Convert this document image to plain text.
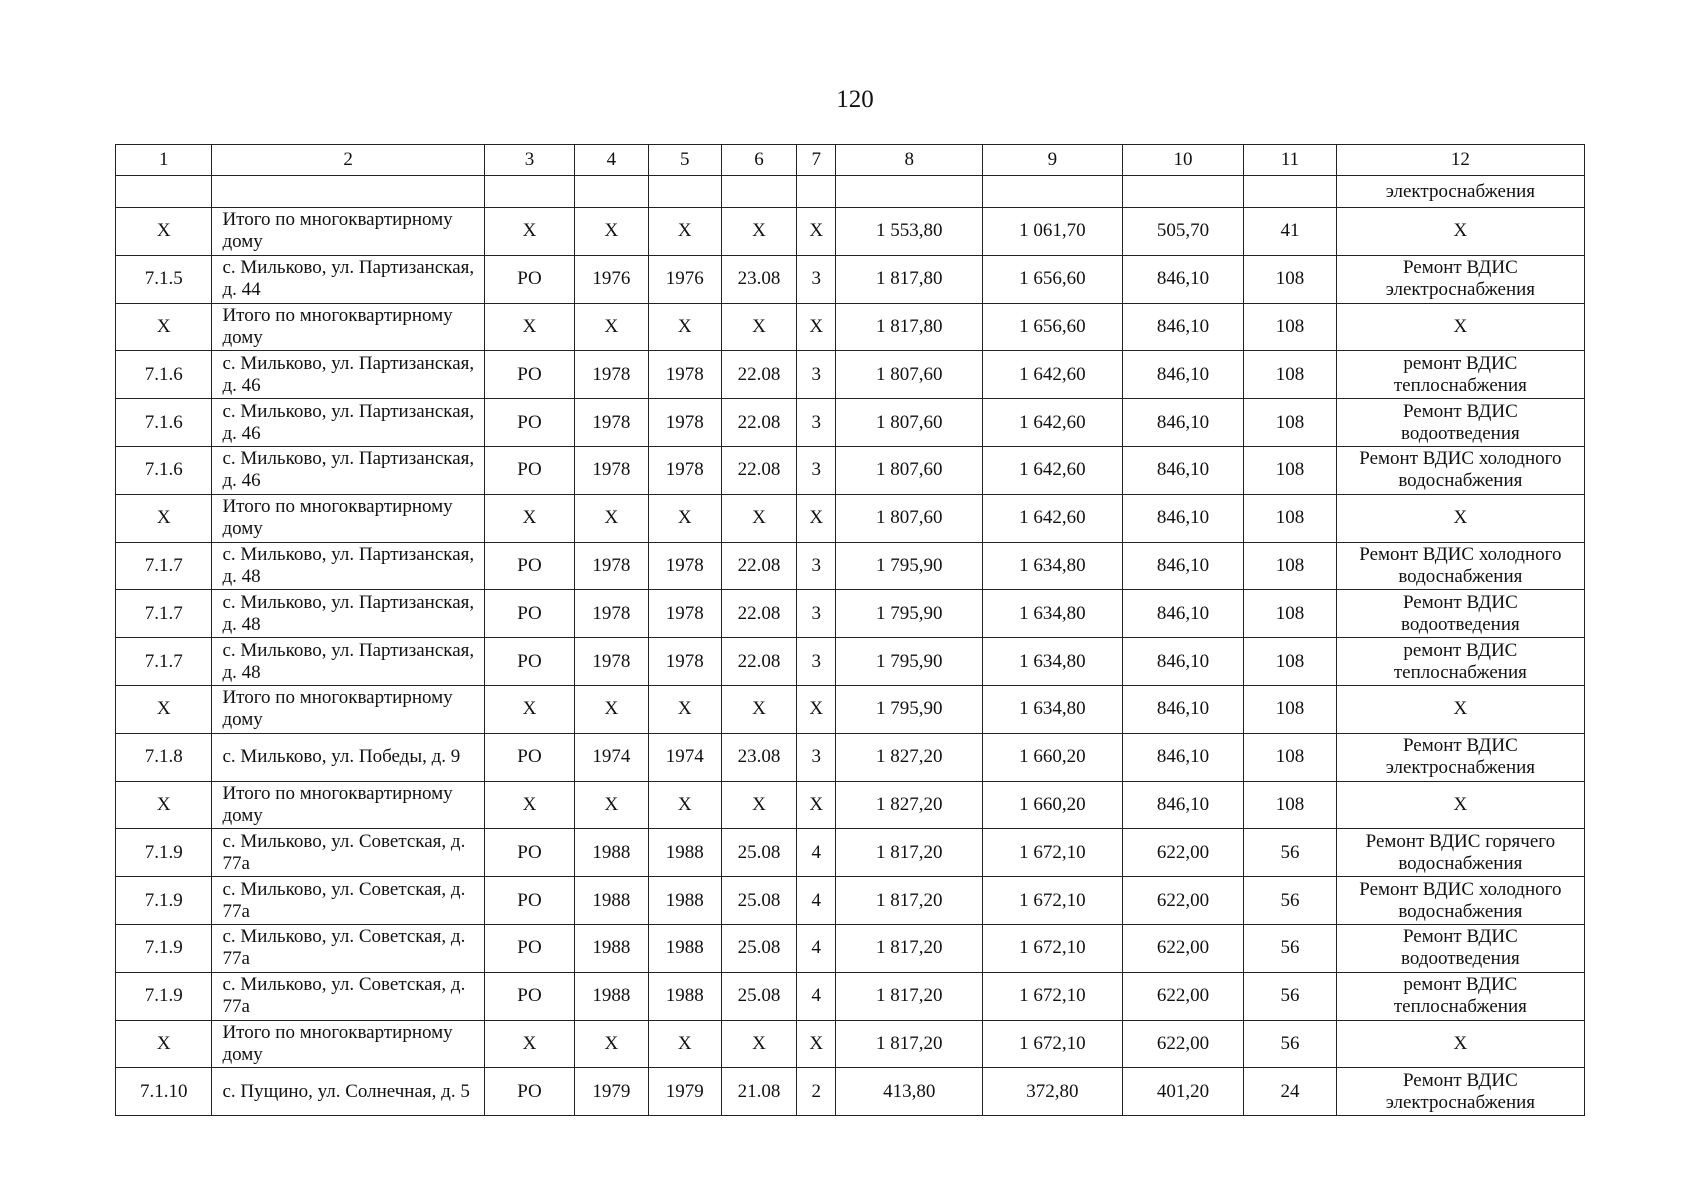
120
1	2	3	4	5	6	7	8	9	10	11	12
											электроснабжения
Х	Итого по многоквартирному дому	Х	Х	Х	Х	Х	1 553,80	1 061,70	505,70	41	Х
7.1.5	с. Мильково, ул. Партизанская, д. 44	РО	1976	1976	23.08	3	1 817,80	1 656,60	846,10	108	Ремонт ВДИС электроснабжения
Х	Итого по многоквартирному дому	Х	Х	Х	Х	Х	1 817,80	1 656,60	846,10	108	Х
7.1.6	с. Мильково, ул. Партизанская, д. 46	РО	1978	1978	22.08	3	1 807,60	1 642,60	846,10	108	ремонт ВДИС теплоснабжения
7.1.6	с. Мильково, ул. Партизанская, д. 46	РО	1978	1978	22.08	3	1 807,60	1 642,60	846,10	108	Ремонт ВДИС водоотведения
7.1.6	с. Мильково, ул. Партизанская, д. 46	РО	1978	1978	22.08	3	1 807,60	1 642,60	846,10	108	Ремонт ВДИС холодного водоснабжения
Х	Итого по многоквартирному дому	Х	Х	Х	Х	Х	1 807,60	1 642,60	846,10	108	Х
7.1.7	с. Мильково, ул. Партизанская, д. 48	РО	1978	1978	22.08	3	1 795,90	1 634,80	846,10	108	Ремонт ВДИС холодного водоснабжения
7.1.7	с. Мильково, ул. Партизанская, д. 48	РО	1978	1978	22.08	3	1 795,90	1 634,80	846,10	108	Ремонт ВДИС водоотведения
7.1.7	с. Мильково, ул. Партизанская, д. 48	РО	1978	1978	22.08	3	1 795,90	1 634,80	846,10	108	ремонт ВДИС теплоснабжения
Х	Итого по многоквартирному дому	Х	Х	Х	Х	Х	1 795,90	1 634,80	846,10	108	Х
7.1.8	с. Мильково, ул. Победы, д. 9	РО	1974	1974	23.08	3	1 827,20	1 660,20	846,10	108	Ремонт ВДИС электроснабжения
Х	Итого по многоквартирному дому	Х	Х	Х	Х	Х	1 827,20	1 660,20	846,10	108	Х
7.1.9	с. Мильково, ул. Советская, д. 77а	РО	1988	1988	25.08	4	1 817,20	1 672,10	622,00	56	Ремонт ВДИС горячего водоснабжения
7.1.9	с. Мильково, ул. Советская, д. 77а	РО	1988	1988	25.08	4	1 817,20	1 672,10	622,00	56	Ремонт ВДИС холодного водоснабжения
7.1.9	с. Мильково, ул. Советская, д. 77а	РО	1988	1988	25.08	4	1 817,20	1 672,10	622,00	56	Ремонт ВДИС водоотведения
7.1.9	с. Мильково, ул. Советская, д. 77а	РО	1988	1988	25.08	4	1 817,20	1 672,10	622,00	56	ремонт ВДИС теплоснабжения
Х	Итого по многоквартирному дому	Х	Х	Х	Х	Х	1 817,20	1 672,10	622,00	56	Х
7.1.10	с. Пущино, ул. Солнечная, д. 5	РО	1979	1979	21.08	2	413,80	372,80	401,20	24	Ремонт ВДИС электроснабжения
